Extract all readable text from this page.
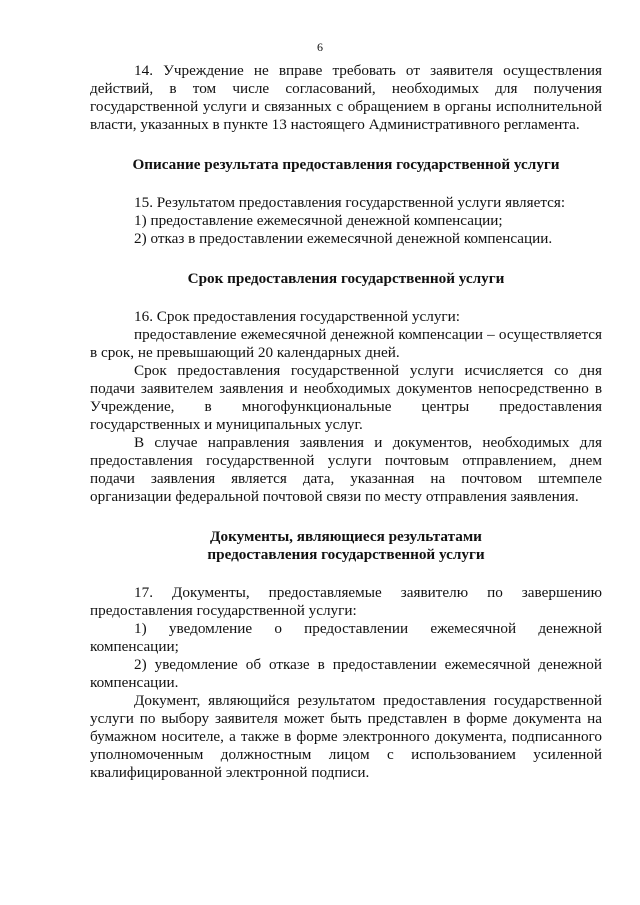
6

14. Учреждение не вправе требовать от заявителя осуществления

действий, в том числе согласований, необходимых для получения

государственной услуги и связанных с обращением в органы исполнительной

власти, указанных в пункте 13 настоящего Административного регламента.

Описание результата предоставления государственной услуги

15. Результатом предоставления государственной услуги является:

1) предоставление ежемесячной денежной компенсации;

2) отказ в предоставлении ежемесячной денежной компенсации.

Срок предоставления государственной услуги

16. Срок предоставления государственной услуги:

предоставление ежемесячной денежной компенсации – осуществляется

в срок, не превышающий 20 календарных дней.

Срок предоставления государственной услуги исчисляется со дня

подачи заявителем заявления и необходимых документов непосредственно в

Учреждение, в многофункциональные центры предоставления

государственных и муниципальных услуг.

В случае направления заявления и документов, необходимых для

предоставления государственной услуги почтовым отправлением, днем

подачи заявления является дата, указанная на почтовом штемпеле

организации федеральной почтовой связи по месту отправления заявления.

Документы, являющиеся результатами

предоставления государственной услуги

17. Документы, предоставляемые заявителю по завершению

предоставления государственной услуги:

1) уведомление о предоставлении ежемесячной денежной

компенсации;

2) уведомление об отказе в предоставлении ежемесячной денежной

компенсации.

Документ, являющийся результатом предоставления государственной

услуги по выбору заявителя может быть представлен в форме документа на

бумажном носителе, а также в форме электронного документа, подписанного

уполномоченным должностным лицом с использованием усиленной

квалифицированной электронной подписи.
